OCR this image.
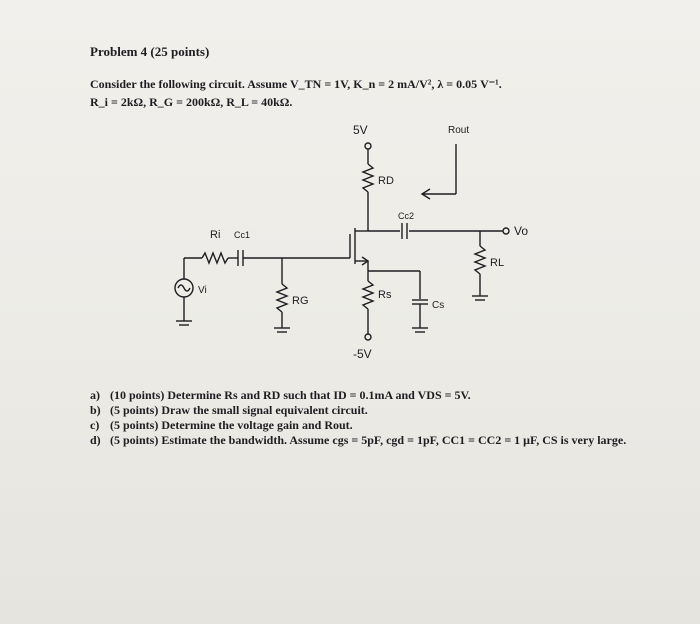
Problem 4 (25 points)
Consider the following circuit. Assume V_TN = 1V, K_n = 2 mA/V², λ = 0.05 V⁻¹.
R_i = 2kΩ, R_G = 200kΩ, R_L = 40kΩ.
5V
RD
Rout
Cc2
Vo
RL
Rs
-5V
Cs
Ri Cc1
Vi
RG
a) (10 points) Determine Rs and RD such that ID = 0.1mA and VDS = 5V.
b) (5 points) Draw the small signal equivalent circuit.
c) (5 points) Determine the voltage gain and Rout.
d) (5 points) Estimate the bandwidth. Assume cgs = 5pF, cgd = 1pF, CC1 = CC2 = 1 μF, CS is very large.
